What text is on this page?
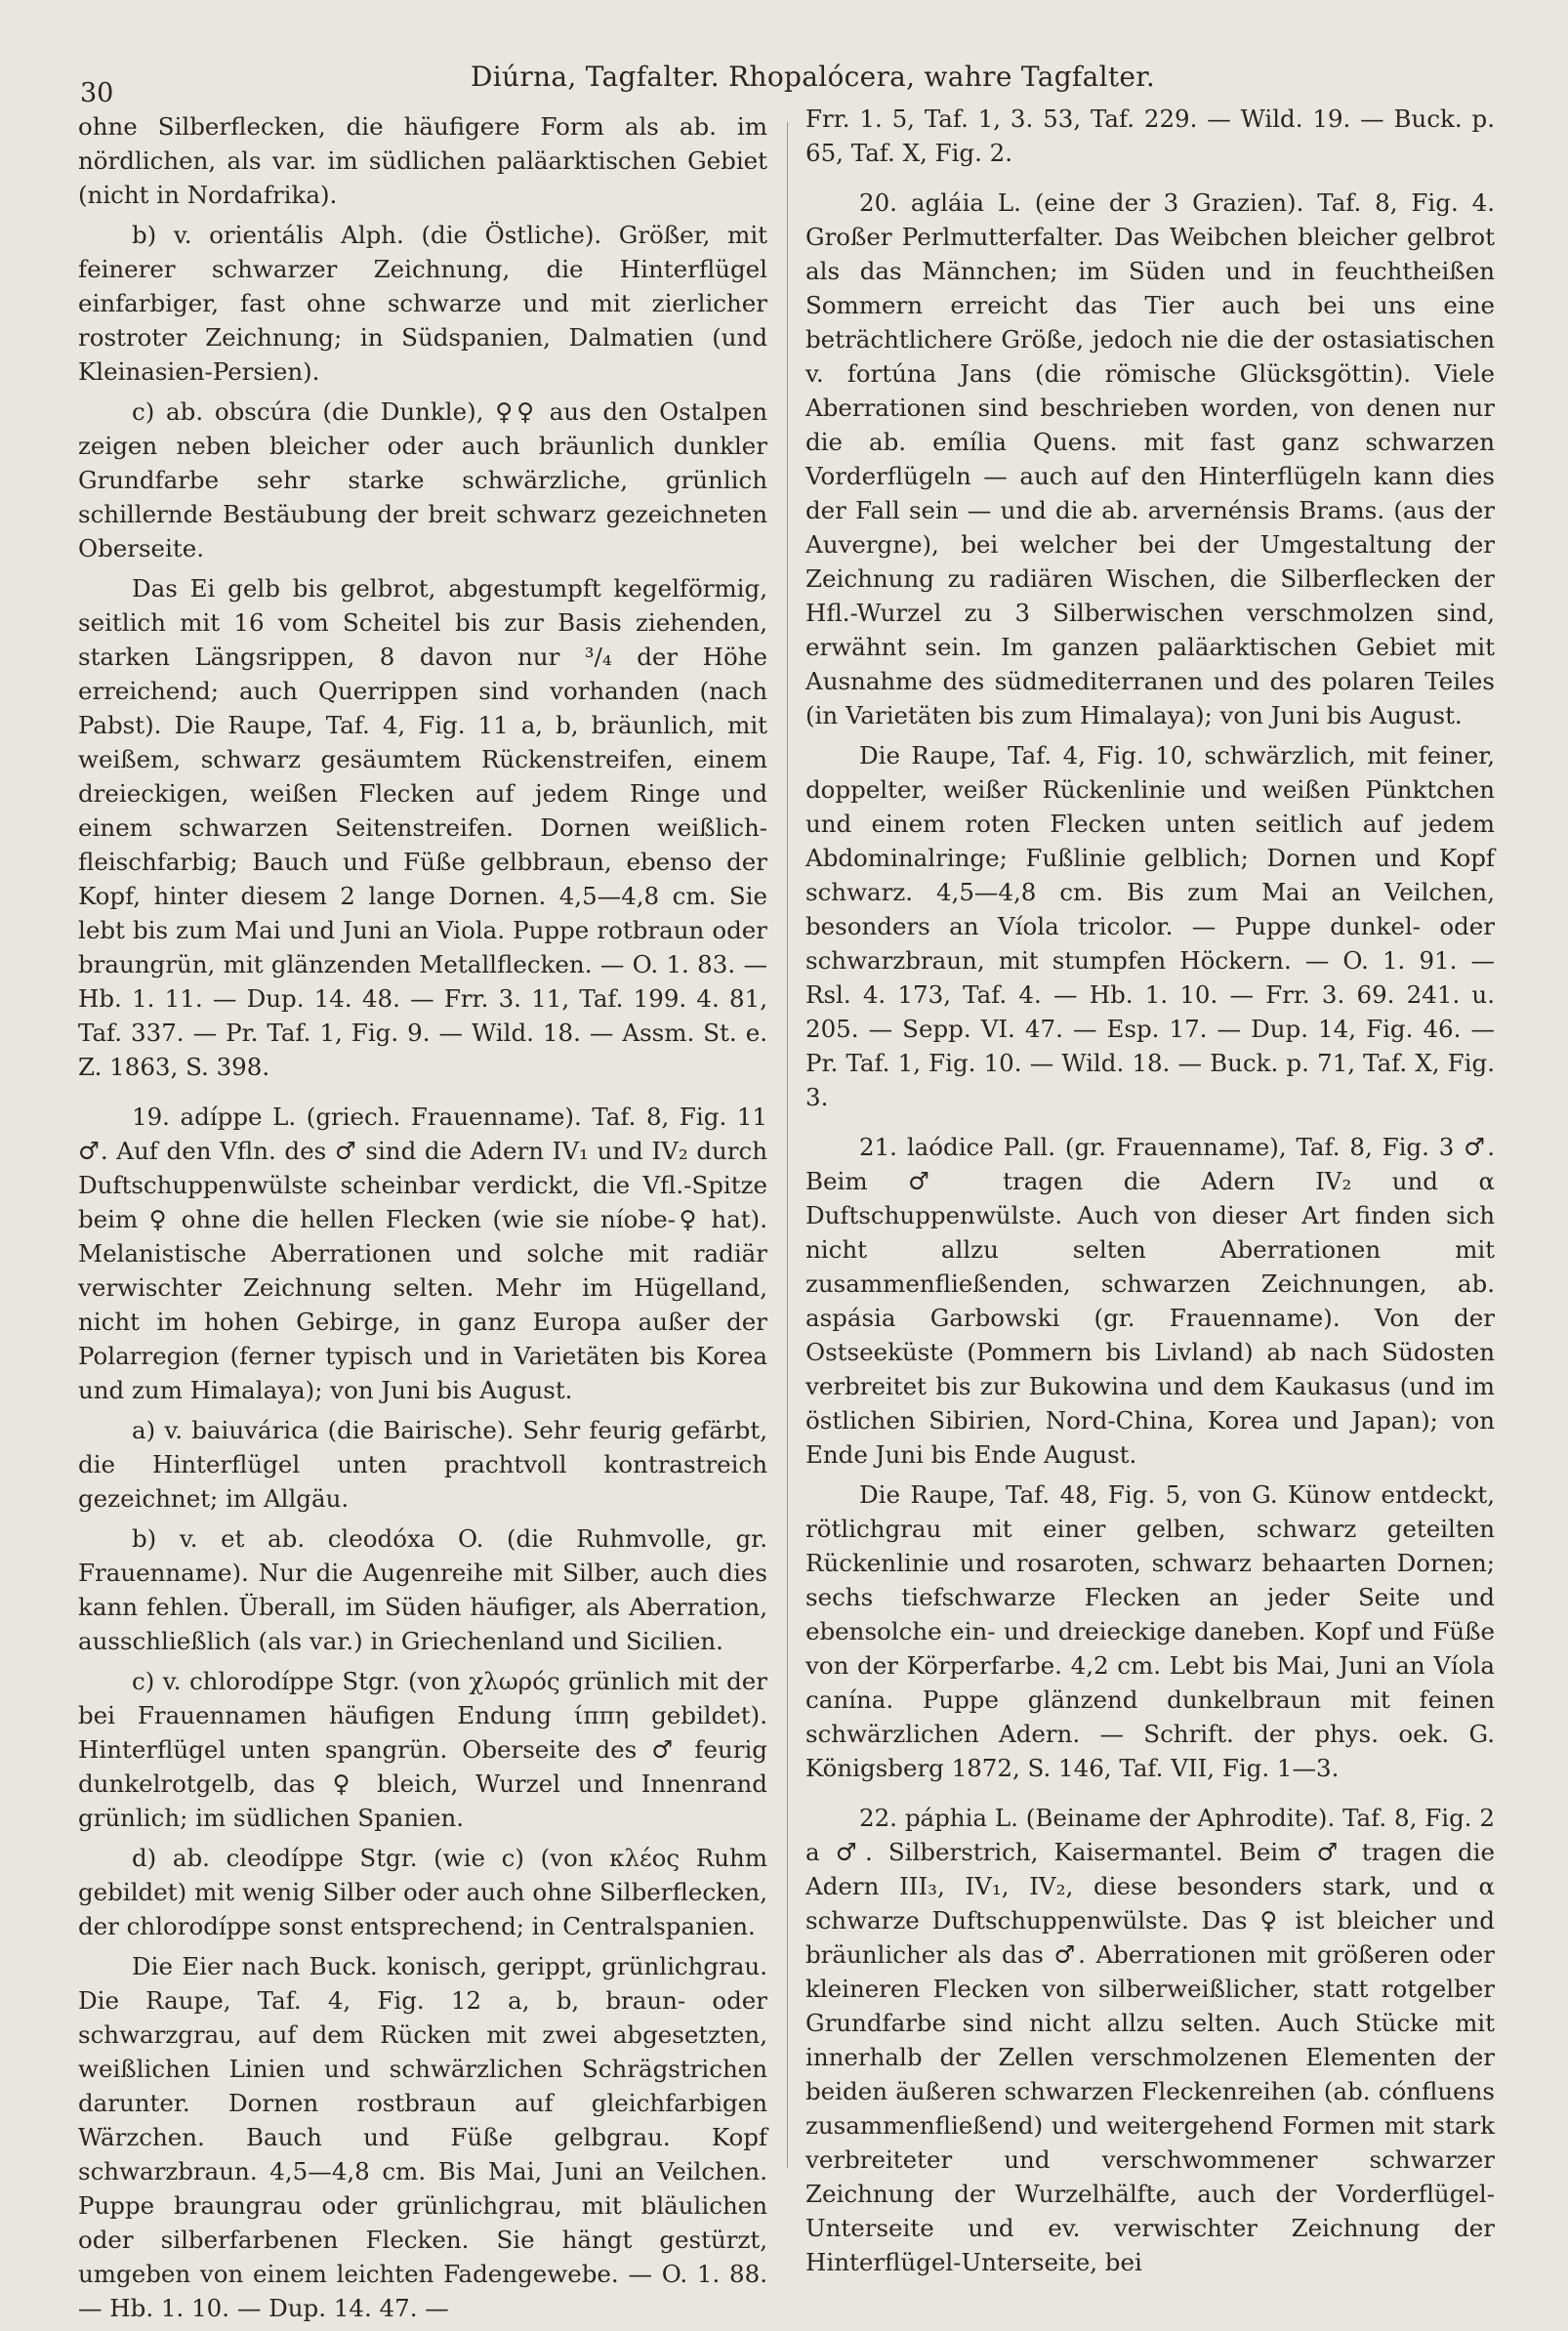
30
Diúrna, Tagfalter. Rhopalócera, wahre Tagfalter.

ohne Silberflecken, die häufigere Form als ab. im nördlichen, als var. im südlichen paläarktischen Gebiet (nicht in Nordafrika).

b) v. orientális Alph. (die Östliche). Größer, mit feinerer schwarzer Zeichnung, die Hinterflügel einfarbiger, fast ohne schwarze und mit zierlicher rostroter Zeichnung; in Südspanien, Dalmatien (und Kleinasien-Persien).

c) ab. obscúra (die Dunkle), ♀♀ aus den Ostalpen zeigen neben bleicher oder auch bräunlich dunkler Grundfarbe sehr starke schwärzliche, grünlich schillernde Bestäubung der breit schwarz gezeichneten Oberseite.

Das Ei gelb bis gelbrot, abgestumpft kegelförmig, seitlich mit 16 vom Scheitel bis zur Basis ziehenden, starken Längsrippen, 8 davon nur ³/₄ der Höhe erreichend; auch Querrippen sind vorhanden (nach Pabst). Die Raupe, Taf. 4, Fig. 11 a, b, bräunlich, mit weißem, schwarz gesäumtem Rückenstreifen, einem dreieckigen, weißen Flecken auf jedem Ringe und einem schwarzen Seitenstreifen. Dornen weißlich-fleischfarbig; Bauch und Füße gelbbraun, ebenso der Kopf, hinter diesem 2 lange Dornen. 4,5—4,8 cm. Sie lebt bis zum Mai und Juni an Viola. Puppe rotbraun oder braungrün, mit glänzenden Metallflecken. — O. 1. 83. — Hb. 1. 11. — Dup. 14. 48. — Frr. 3. 11, Taf. 199. 4. 81, Taf. 337. — Pr. Taf. 1, Fig. 9. — Wild. 18. — Assm. St. e. Z. 1863, S. 398.

19. adíppe L. (griech. Frauenname). Taf. 8, Fig. 11 ♂. Auf den Vfln. des ♂ sind die Adern IV₁ und IV₂ durch Duftschuppenwülste scheinbar verdickt, die Vfl.-Spitze beim ♀ ohne die hellen Flecken (wie sie níobe-♀ hat). Melanistische Aberrationen und solche mit radiär verwischter Zeichnung selten. Mehr im Hügelland, nicht im hohen Gebirge, in ganz Europa außer der Polarregion (ferner typisch und in Varietäten bis Korea und zum Himalaya); von Juni bis August.

a) v. baiuvárica (die Bairische). Sehr feurig gefärbt, die Hinterflügel unten prachtvoll kontrastreich gezeichnet; im Allgäu.

b) v. et ab. cleodóxa O. (die Ruhmvolle, gr. Frauenname). Nur die Augenreihe mit Silber, auch dies kann fehlen. Überall, im Süden häufiger, als Aberration, ausschließlich (als var.) in Griechenland und Sicilien.

c) v. chlorodíppe Stgr. (von χλωρός grünlich mit der bei Frauennamen häufigen Endung ίππη gebildet). Hinterflügel unten spangrün. Oberseite des ♂ feurig dunkelrotgelb, das ♀ bleich, Wurzel und Innenrand grünlich; im südlichen Spanien.

d) ab. cleodíppe Stgr. (wie c) (von κλέος Ruhm gebildet) mit wenig Silber oder auch ohne Silberflecken, der chlorodíppe sonst entsprechend; in Centralspanien.

Die Eier nach Buck. konisch, gerippt, grünlichgrau. Die Raupe, Taf. 4, Fig. 12 a, b, braun- oder schwarzgrau, auf dem Rücken mit zwei abgesetzten, weißlichen Linien und schwärzlichen Schrägstrichen darunter. Dornen rostbraun auf gleichfarbigen Wärzchen. Bauch und Füße gelbgrau. Kopf schwarzbraun. 4,5—4,8 cm. Bis Mai, Juni an Veilchen. Puppe braungrau oder grünlichgrau, mit bläulichen oder silberfarbenen Flecken. Sie hängt gestürzt, umgeben von einem leichten Fadengewebe. — O. 1. 88. — Hb. 1. 10. — Dup. 14. 47. —

Frr. 1. 5, Taf. 1, 3. 53, Taf. 229. — Wild. 19. — Buck. p. 65, Taf. X, Fig. 2.

20. agláia L. (eine der 3 Grazien). Taf. 8, Fig. 4. Großer Perlmutterfalter. Das Weibchen bleicher gelbrot als das Männchen; im Süden und in feuchtheißen Sommern erreicht das Tier auch bei uns eine beträchtlichere Größe, jedoch nie die der ostasiatischen v. fortúna Jans (die römische Glücksgöttin). Viele Aberrationen sind beschrieben worden, von denen nur die ab. emília Quens. mit fast ganz schwarzen Vorderflügeln — auch auf den Hinterflügeln kann dies der Fall sein — und die ab. arvernénsis Brams. (aus der Auvergne), bei welcher bei der Umgestaltung der Zeichnung zu radiären Wischen, die Silberflecken der Hfl.-Wurzel zu 3 Silberwischen verschmolzen sind, erwähnt sein. Im ganzen paläarktischen Gebiet mit Ausnahme des südmediterranen und des polaren Teiles (in Varietäten bis zum Himalaya); von Juni bis August.

Die Raupe, Taf. 4, Fig. 10, schwärzlich, mit feiner, doppelter, weißer Rückenlinie und weißen Pünktchen und einem roten Flecken unten seitlich auf jedem Abdominalringe; Fußlinie gelblich; Dornen und Kopf schwarz. 4,5—4,8 cm. Bis zum Mai an Veilchen, besonders an Víola tricolor. — Puppe dunkel- oder schwarzbraun, mit stumpfen Höckern. — O. 1. 91. — Rsl. 4. 173, Taf. 4. — Hb. 1. 10. — Frr. 3. 69. 241. u. 205. — Sepp. VI. 47. — Esp. 17. — Dup. 14, Fig. 46. — Pr. Taf. 1, Fig. 10. — Wild. 18. — Buck. p. 71, Taf. X, Fig. 3.

21. laódice Pall. (gr. Frauenname), Taf. 8, Fig. 3 ♂. Beim ♂ tragen die Adern IV₂ und α Duftschuppenwülste. Auch von dieser Art finden sich nicht allzu selten Aberrationen mit zusammenfließenden, schwarzen Zeichnungen, ab. aspásia Garbowski (gr. Frauenname). Von der Ostseeküste (Pommern bis Livland) ab nach Südosten verbreitet bis zur Bukowina und dem Kaukasus (und im östlichen Sibirien, Nord-China, Korea und Japan); von Ende Juni bis Ende August.

Die Raupe, Taf. 48, Fig. 5, von G. Künow entdeckt, rötlichgrau mit einer gelben, schwarz geteilten Rückenlinie und rosaroten, schwarz behaarten Dornen; sechs tiefschwarze Flecken an jeder Seite und ebensolche ein- und dreieckige daneben. Kopf und Füße von der Körperfarbe. 4,2 cm. Lebt bis Mai, Juni an Víola canína. Puppe glänzend dunkelbraun mit feinen schwärzlichen Adern. — Schrift. der phys. oek. G. Königsberg 1872, S. 146, Taf. VII, Fig. 1—3.

22. páphia L. (Beiname der Aphrodite). Taf. 8, Fig. 2 a ♂. Silberstrich, Kaisermantel. Beim ♂ tragen die Adern III₃, IV₁, IV₂, diese besonders stark, und α schwarze Duftschuppenwülste. Das ♀ ist bleicher und bräunlicher als das ♂. Aberrationen mit größeren oder kleineren Flecken von silberweißlicher, statt rotgelber Grundfarbe sind nicht allzu selten. Auch Stücke mit innerhalb der Zellen verschmolzenen Elementen der beiden äußeren schwarzen Fleckenreihen (ab. cónfluens zusammenfließend) und weitergehend Formen mit stark verbreiteter und verschwommener schwarzer Zeichnung der Wurzelhälfte, auch der Vorderflügel-Unterseite und ev. verwischter Zeichnung der Hinterflügel-Unterseite, bei
